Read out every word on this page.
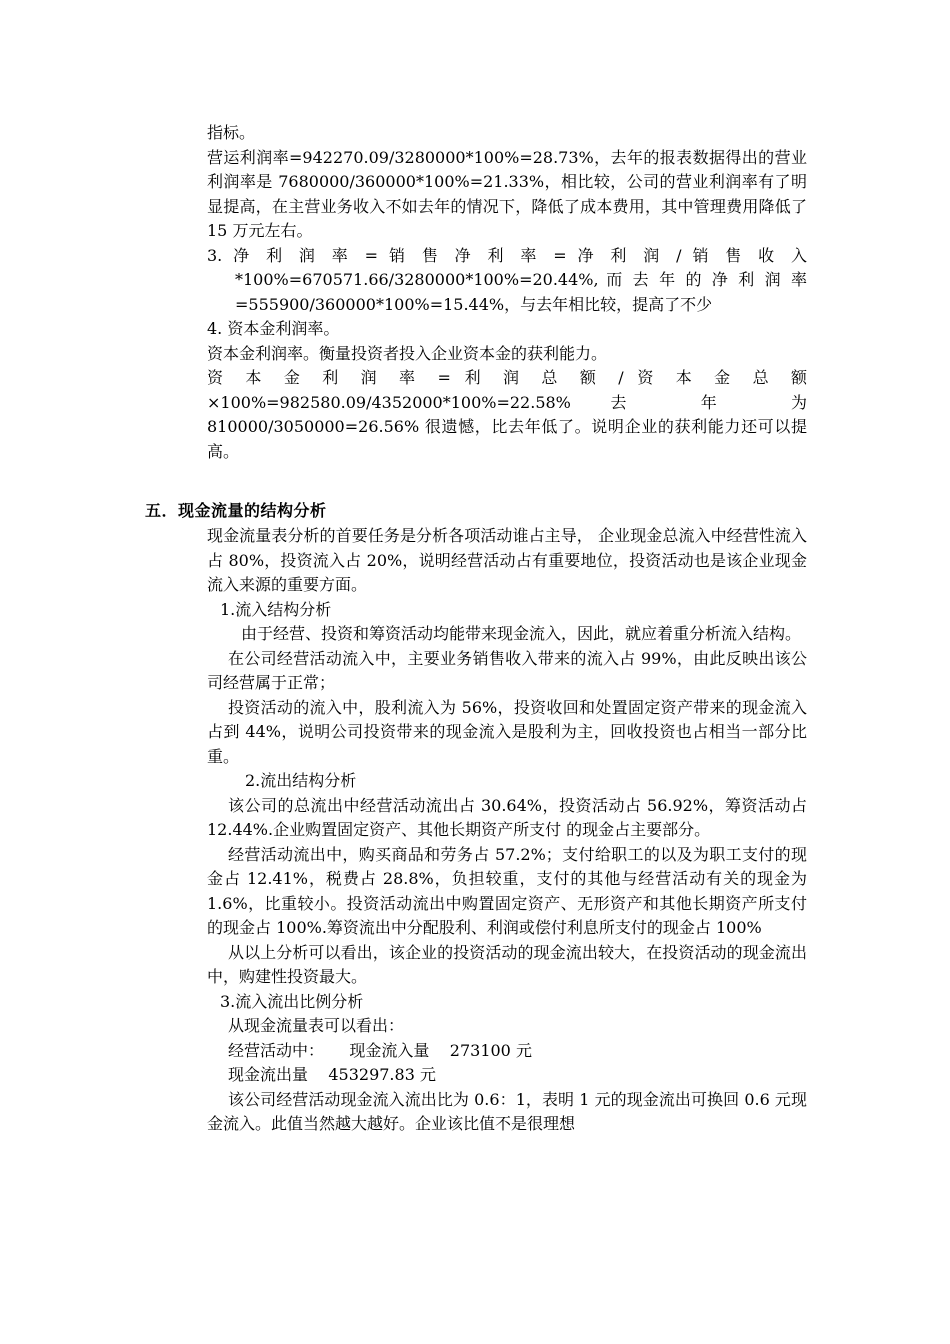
指标。

营运利润率=942270.09/3280000*100%=28.73%，去年的报表数据得出的营业利润率是 7680000/360000*100%=21.33%，相比较，公司的营业利润率有了明显提高，在主营业务收入不如去年的情况下，降低了成本费用，其中管理费用降低了 15 万元左右。

3. 净 利 润 率 = 销 售 净 利 率 = 净 利 润 / 销 售 收 入 *100%=670571.66/3280000*100%=20.44%, 而 去 年 的 净 利 润 率 =555900/360000*100%=15.44%，与去年相比较，提高了不少

4. 资本金利润率。

资本金利润率。衡量投资者投入企业资本金的获利能力。

资 本 金 利 润 率 = 利 润 总 额 / 资 本 金 总 额 ×100%=982580.09/4352000*100%=22.58% 去 年 为 810000/3050000=26.56% 很遗憾，比去年低了。说明企业的获利能力还可以提高。

五．现金流量的结构分析

现金流量表分析的首要任务是分析各项活动谁占主导， 企业现金总流入中经营性流入占 80%，投资流入占 20%，说明经营活动占有重要地位，投资活动也是该企业现金流入来源的重要方面。

1.流入结构分析

由于经营、投资和筹资活动均能带来现金流入，因此，就应着重分析流入结构。

在公司经营活动流入中，主要业务销售收入带来的流入占 99%，由此反映出该公司经营属于正常；

投资活动的流入中，股利流入为 56%，投资收回和处置固定资产带来的现金流入占到 44%，说明公司投资带来的现金流入是股利为主，回收投资也占相当一部分比重。

2.流出结构分析

该公司的总流出中经营活动流出占 30.64%，投资活动占 56.92%，筹资活动占 12.44%.企业购置固定资产、其他长期资产所支付 的现金占主要部分。

经营活动流出中，购买商品和劳务占 57.2%；支付给职工的以及为职工支付的现金占 12.41%，税费占 28.8%，负担较重，支付的其他与经营活动有关的现金为 1.6%，比重较小。投资活动流出中购置固定资产、无形资产和其他长期资产所支付的现金占 100%.筹资流出中分配股利、利润或偿付利息所支付的现金占 100%

从以上分析可以看出，该企业的投资活动的现金流出较大，在投资活动的现金流出中，购建性投资最大。

3.流入流出比例分析

从现金流量表可以看出：

经营活动中：     现金流入量    273100 元

现金流出量    453297.83 元

该公司经营活动现金流入流出比为 0.6：1，表明 1 元的现金流出可换回 0.6 元现金流入。此值当然越大越好。企业该比值不是很理想
